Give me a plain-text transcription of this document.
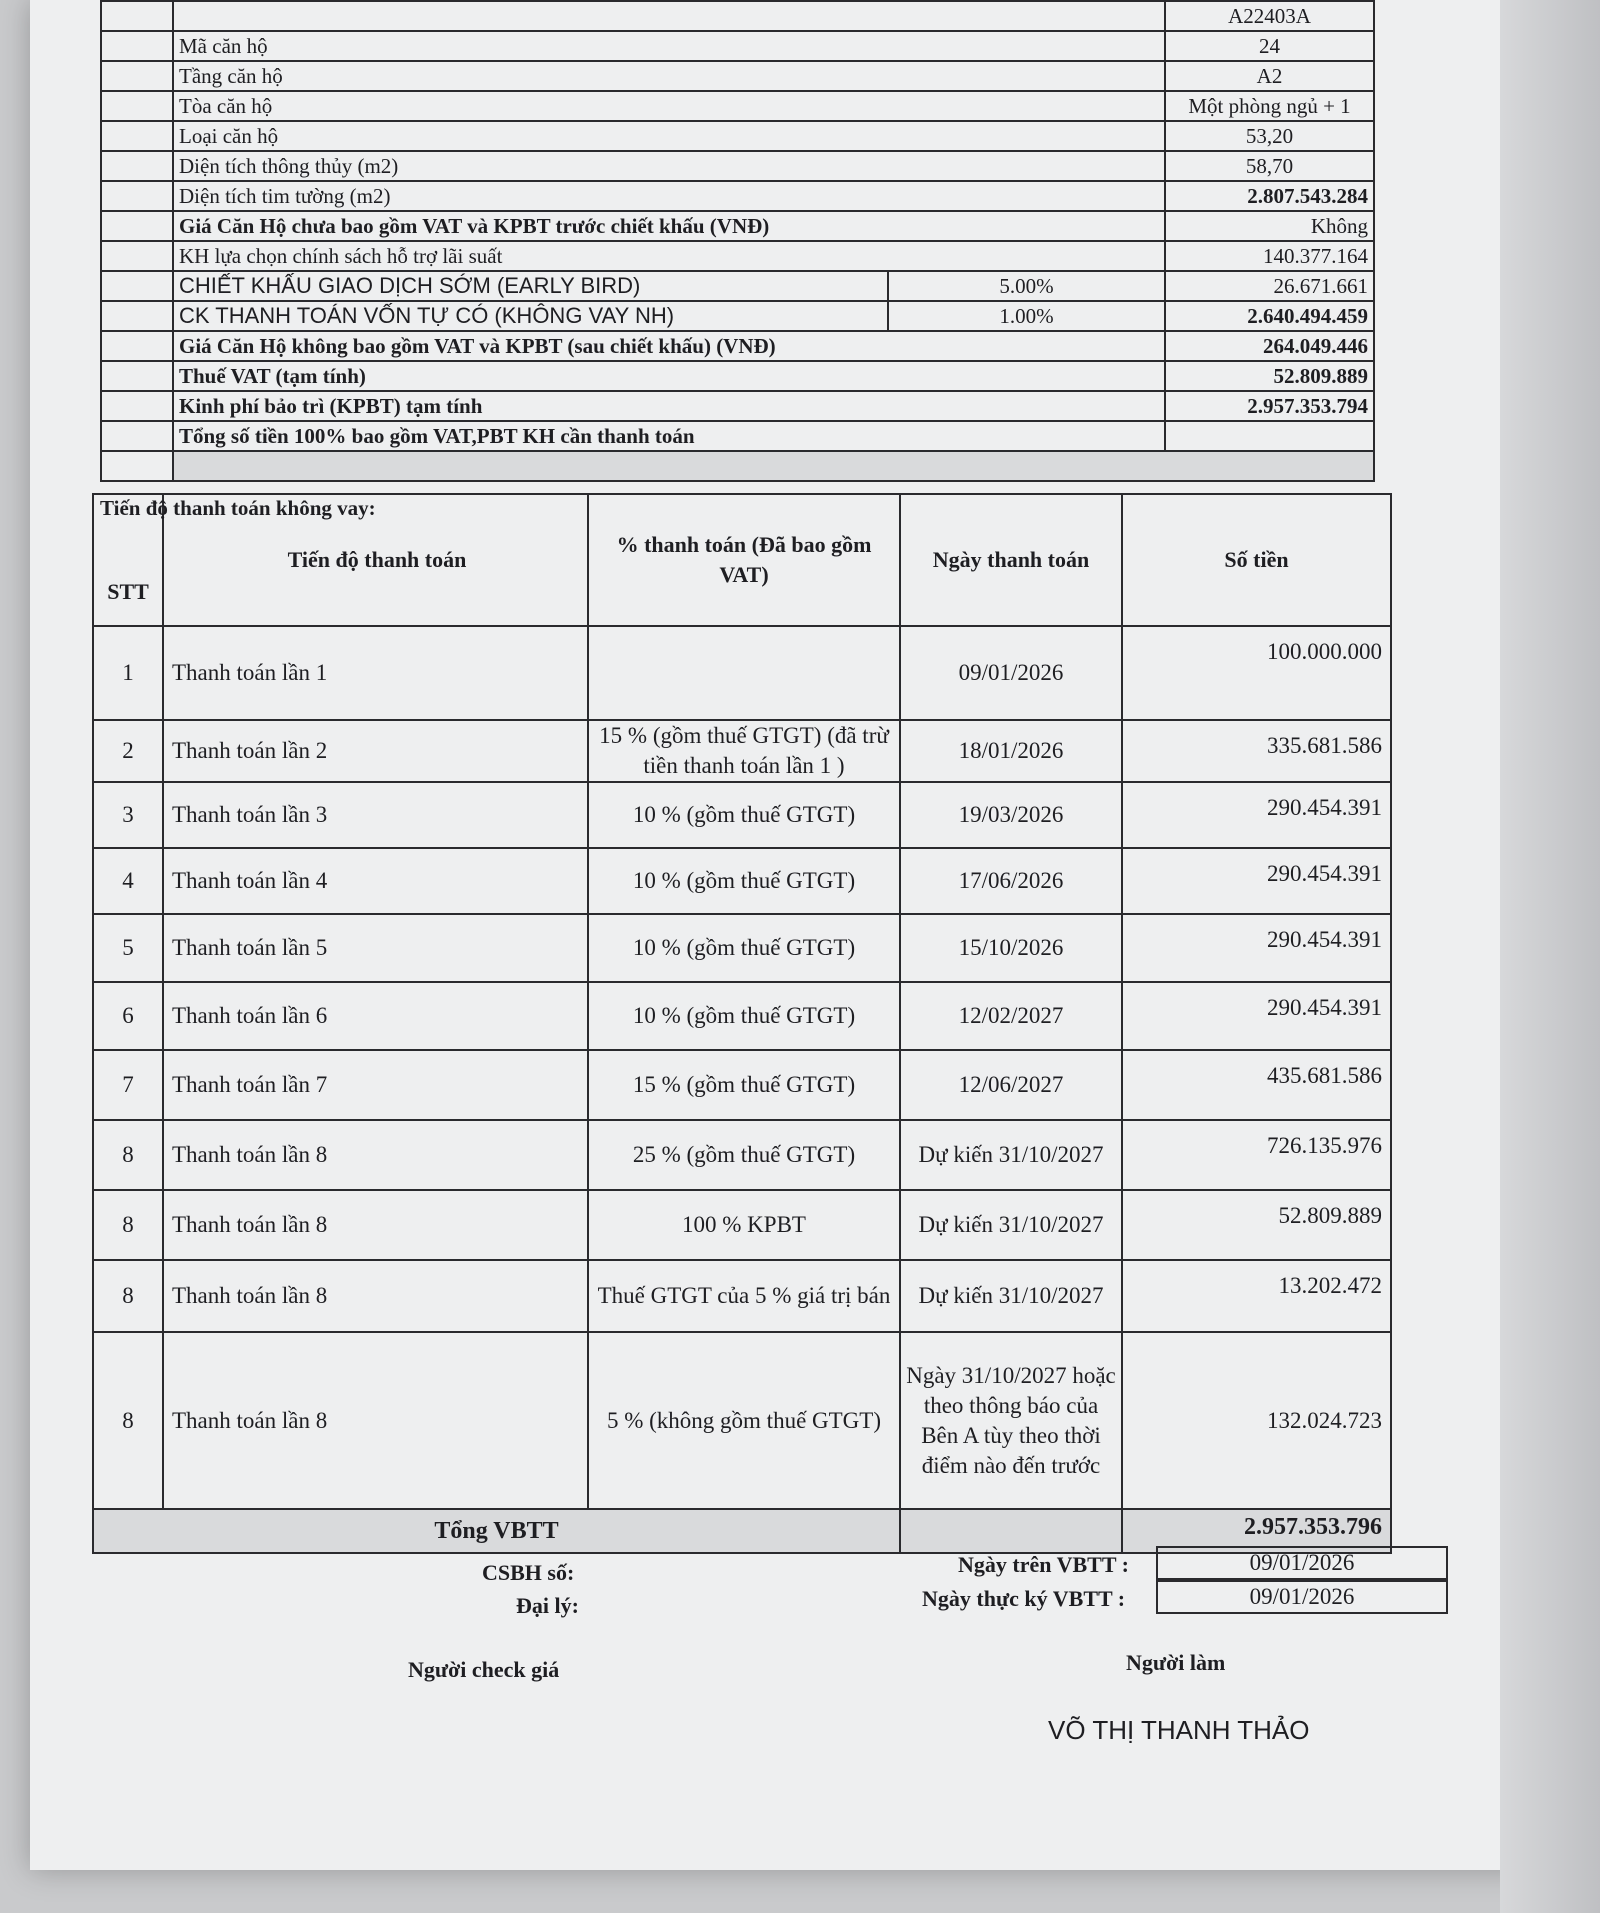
			A22403A
	Mã căn hộ		24
	Tầng căn hộ		A2
	Tòa căn hộ		Một phòng ngủ + 1
	Loại căn hộ		53,20
	Diện tích thông thủy (m2)		58,70
	Diện tích tim tường (m2)		2.807.543.284
	Giá Căn Hộ chưa bao gồm VAT và KPBT trước chiết khấu (VNĐ)		Không
	KH lựa chọn chính sách hỗ trợ lãi suất		140.377.164
	CHIẾT KHẤU GIAO DỊCH SỚM (EARLY BIRD)	5.00%	26.671.661
	CK THANH TOÁN VỐN TỰ CÓ (KHÔNG VAY NH)	1.00%	2.640.494.459
	Giá Căn Hộ không bao gồm VAT và KPBT (sau chiết khấu) (VNĐ)		264.049.446
	Thuế VAT (tạm tính)		52.809.889
	Kinh phí bảo trì (KPBT) tạm tính		2.957.353.794
	Tổng số tiền 100% bao gồm VAT,PBT KH cần thanh toán		

STT	Tiến độ thanh toán	% thanh toán (Đã bao gồm VAT)	Ngày thanh toán	Số tiền
1	Thanh toán lần 1		09/01/2026	100.000.000
2	Thanh toán lần 2	15 % (gồm thuế GTGT) (đã trừ tiền thanh toán lần 1 )	18/01/2026	335.681.586
3	Thanh toán lần 3	10 % (gồm thuế GTGT)	19/03/2026	290.454.391
4	Thanh toán lần 4	10 % (gồm thuế GTGT)	17/06/2026	290.454.391
5	Thanh toán lần 5	10 % (gồm thuế GTGT)	15/10/2026	290.454.391
6	Thanh toán lần 6	10 % (gồm thuế GTGT)	12/02/2027	290.454.391
7	Thanh toán lần 7	15 % (gồm thuế GTGT)	12/06/2027	435.681.586
8	Thanh toán lần 8	25 % (gồm thuế GTGT)	Dự kiến 31/10/2027	726.135.976
8	Thanh toán lần 8	100 % KPBT	Dự kiến 31/10/2027	52.809.889
8	Thanh toán lần 8	Thuế GTGT của 5 % giá trị bán	Dự kiến 31/10/2027	13.202.472
8	Thanh toán lần 8	5 % (không gồm thuế GTGT)	Ngày 31/10/2027 hoặc theo thông báo của Bên A tùy theo thời điểm nào đến trước	132.024.723
Tổng VBTT				2.957.353.796
Tiến độ thanh toán không vay:
CSBH số:
Đại lý:
Ngày trên VBTT :	09/01/2026
Ngày thực ký VBTT :	09/01/2026
Người check giá	Người làm
VÕ THỊ THANH THẢO
